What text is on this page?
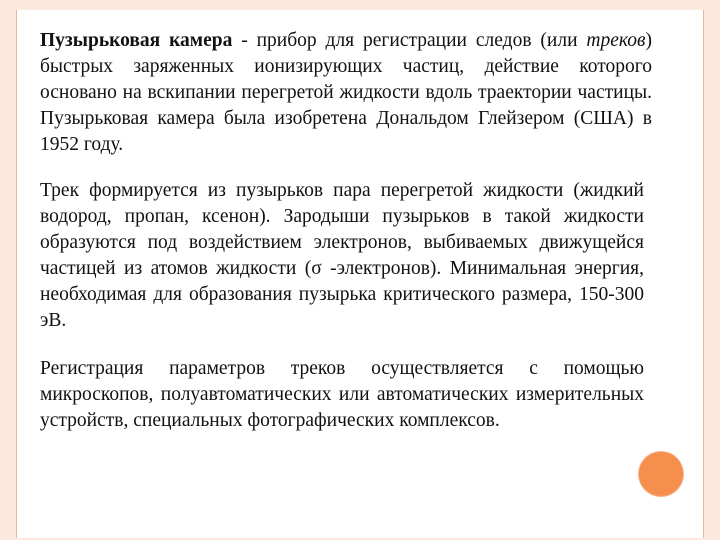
Пузырьковая камера - прибор для регистрации следов (или треков) быстрых заряженных ионизирующих частиц, действие которого основано на вскипании перегретой жидкости вдоль траектории частицы. Пузырьковая камера была изобретена Дональдом Глейзером (США) в 1952 году.

Трек формируется из пузырьков пара перегретой жидкости (жидкий водород, пропан, ксенон). Зародыши пузырьков в такой жидкости образуются под воздействием электронов, выбиваемых движущейся частицей из атомов жидкости (σ -электронов). Минимальная энергия, необходимая для образования пузырька критического размера, 150-300 эВ.

Регистрация параметров треков осуществляется с помощью микроскопов, полуавтоматических или автоматических измерительных устройств, специальных фотографических комплексов.
